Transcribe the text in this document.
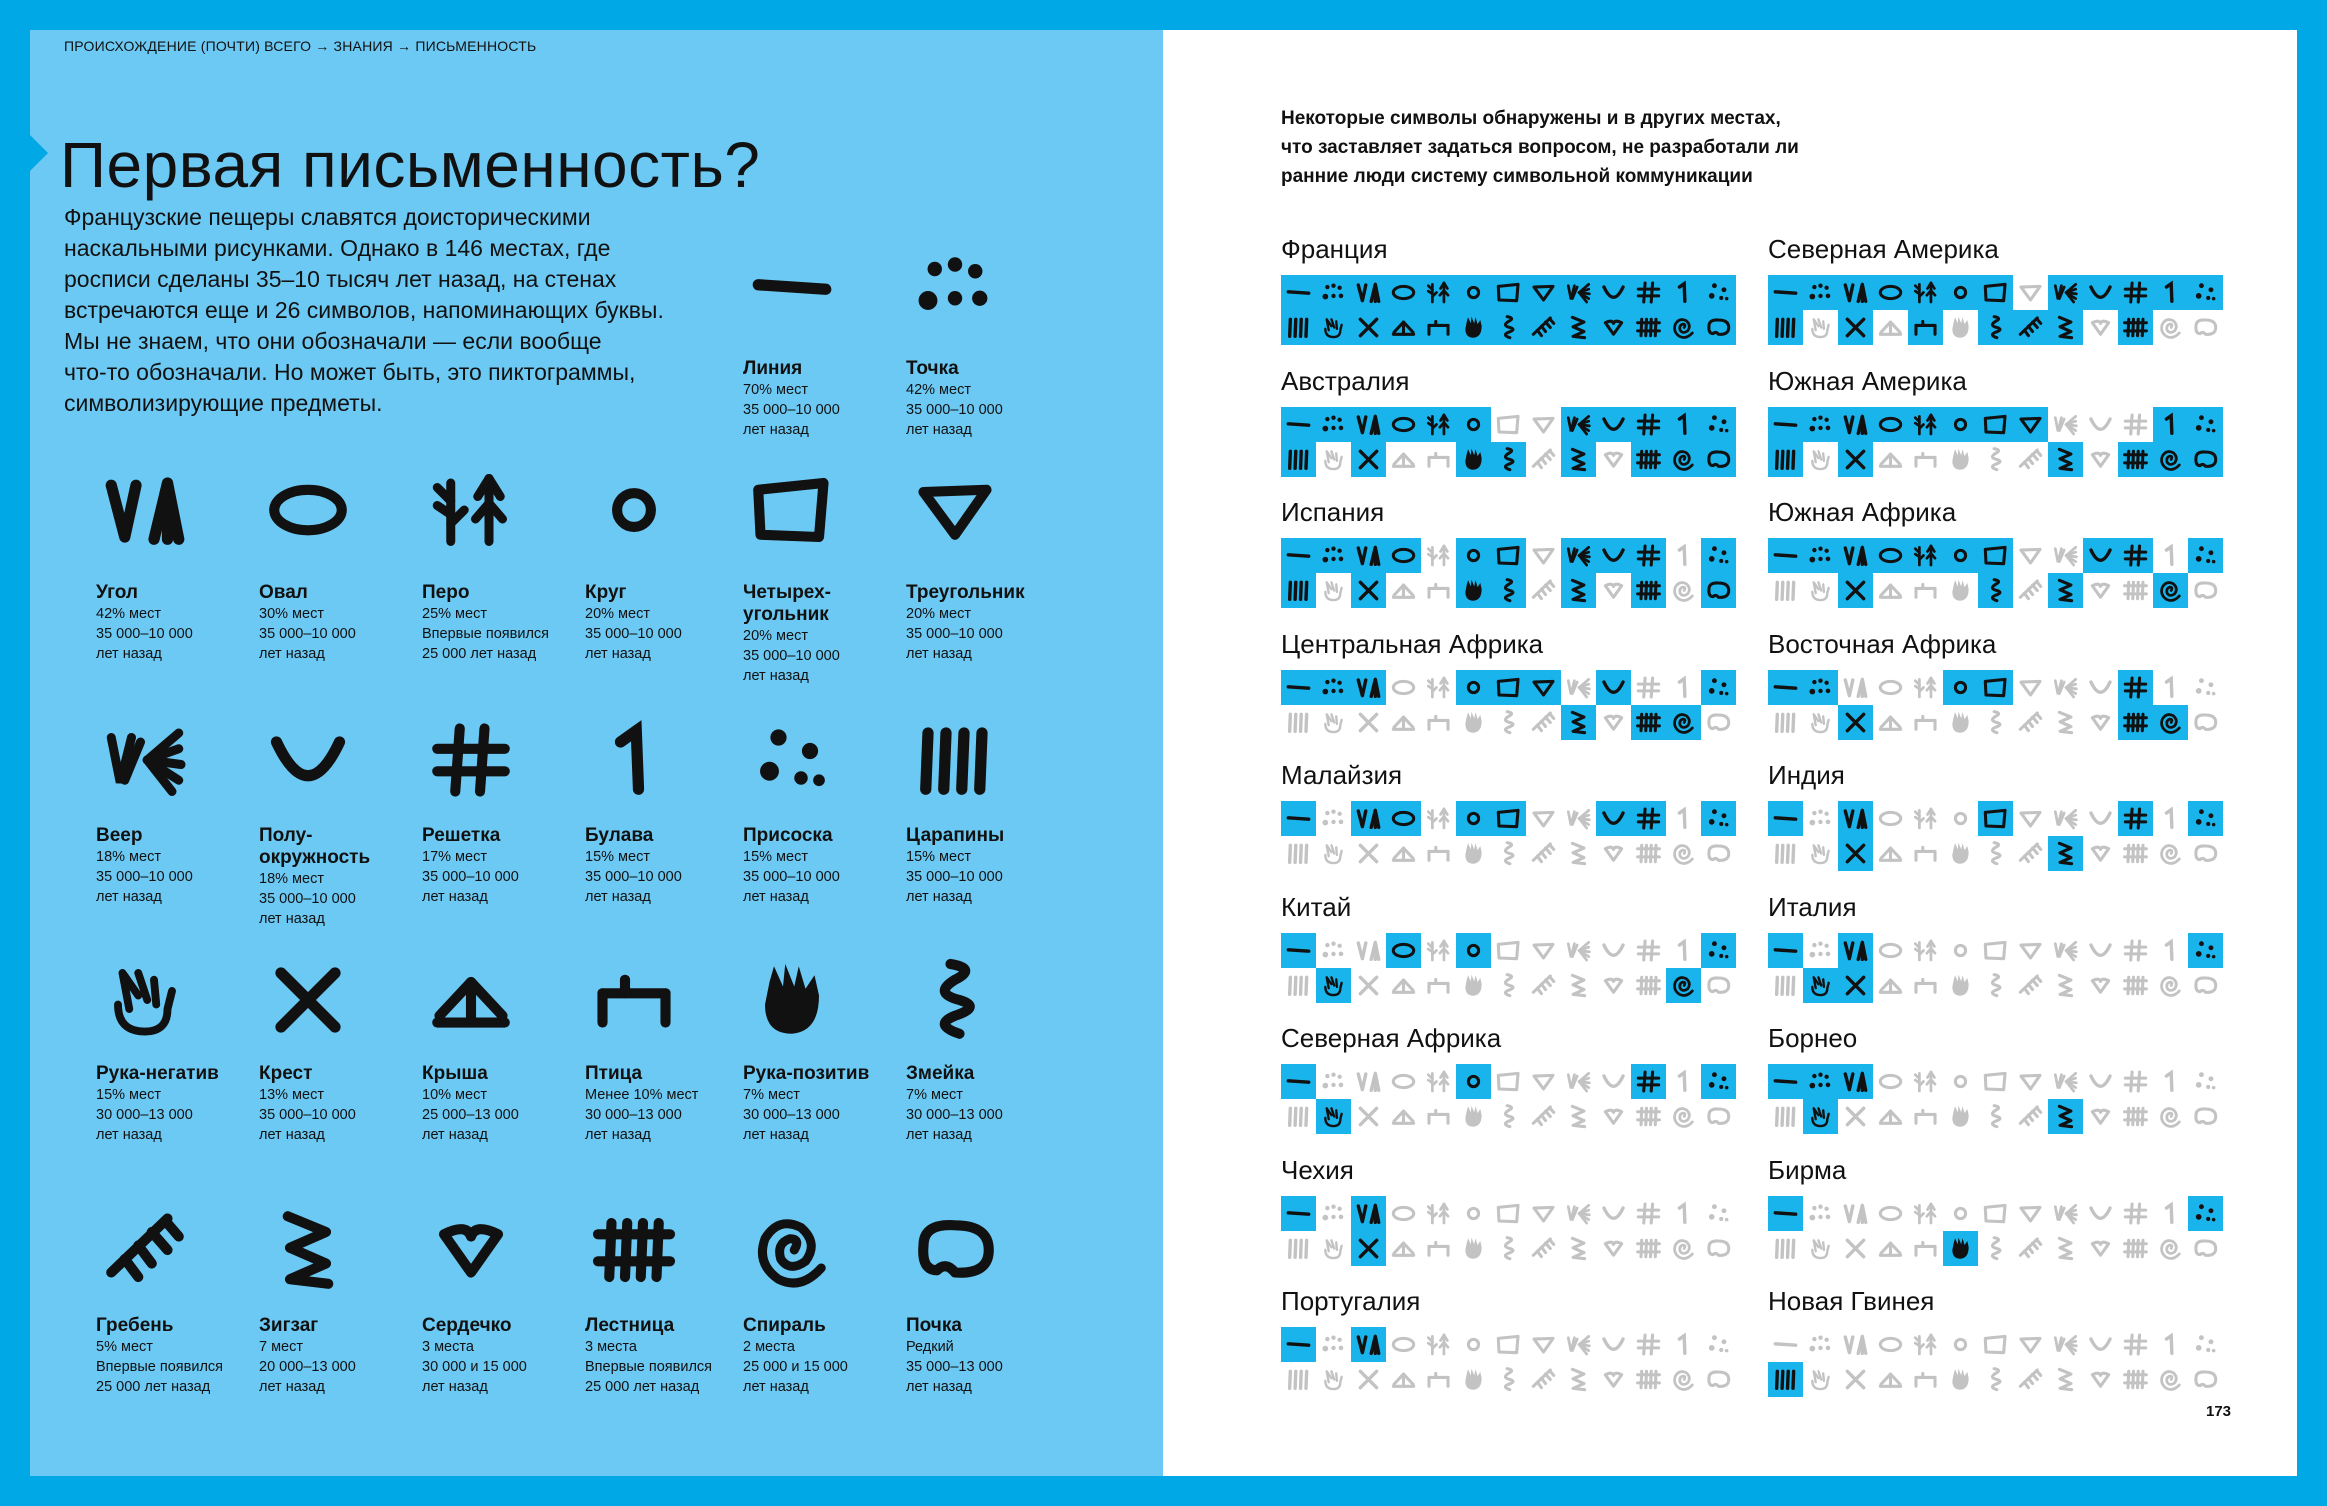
ПРОИСХОЖДЕНИЕ (ПОЧТИ) ВСЕГО → ЗНАНИЯ → ПИСЬМЕННОСТЬ
Первая письменность?
Французские пещеры славятся доисторическими
наскальными рисунками. Однако в 146 местах, где
росписи сделаны 35–10 тысяч лет назад, на стенах
встречаются еще и 26 символов, напоминающих буквы.
Мы не знаем, что они обозначали — если вообще
что-то обозначали. Но может быть, это пиктограммы,
символизирующие предметы.
Линия
70% мест
35 000–10 000
лет назад
Точка
42% мест
35 000–10 000
лет назад
Угол
42% мест
35 000–10 000
лет назад
Овал
30% мест
35 000–10 000
лет назад
Перо
25% мест
Впервые появился
25 000 лет назад
Круг
20% мест
35 000–10 000
лет назад
Четырех-
угольник
20% мест
35 000–10 000
лет назад
Треугольник
20% мест
35 000–10 000
лет назад
Веер
18% мест
35 000–10 000
лет назад
Полу-
окружность
18% мест
35 000–10 000
лет назад
Решетка
17% мест
35 000–10 000
лет назад
Булава
15% мест
35 000–10 000
лет назад
Присоска
15% мест
35 000–10 000
лет назад
Царапины
15% мест
35 000–10 000
лет назад
Рука-негатив
15% мест
30 000–13 000
лет назад
Крест
13% мест
35 000–10 000
лет назад
Крыша
10% мест
25 000–13 000
лет назад
Птица
Менее 10% мест
30 000–13 000
лет назад
Рука-позитив
7% мест
30 000–13 000
лет назад
Змейка
7% мест
30 000–13 000
лет назад
Гребень
5% мест
Впервые появился
25 000 лет назад
Зигзаг
7 мест
20 000–13 000
лет назад
Сердечко
3 места
30 000 и 15 000
лет назад
Лестница
3 места
Впервые появился
25 000 лет назад
Спираль
2 места
25 000 и 15 000
лет назад
Почка
Редкий
35 000–13 000
лет назад
Некоторые символы обнаружены и в других местах,
что заставляет задаться вопросом, не разработали ли
ранние люди систему символьной коммуникации
Франция	Северная Америка
Австралия	Южная Америка
Испания	Южная Африка
Центральная Африка	Восточная Африка
Малайзия	Индия
Китай	Италия
Северная Африка	Борнео
Чехия	Бирма
Португалия	Новая Гвинея
173
